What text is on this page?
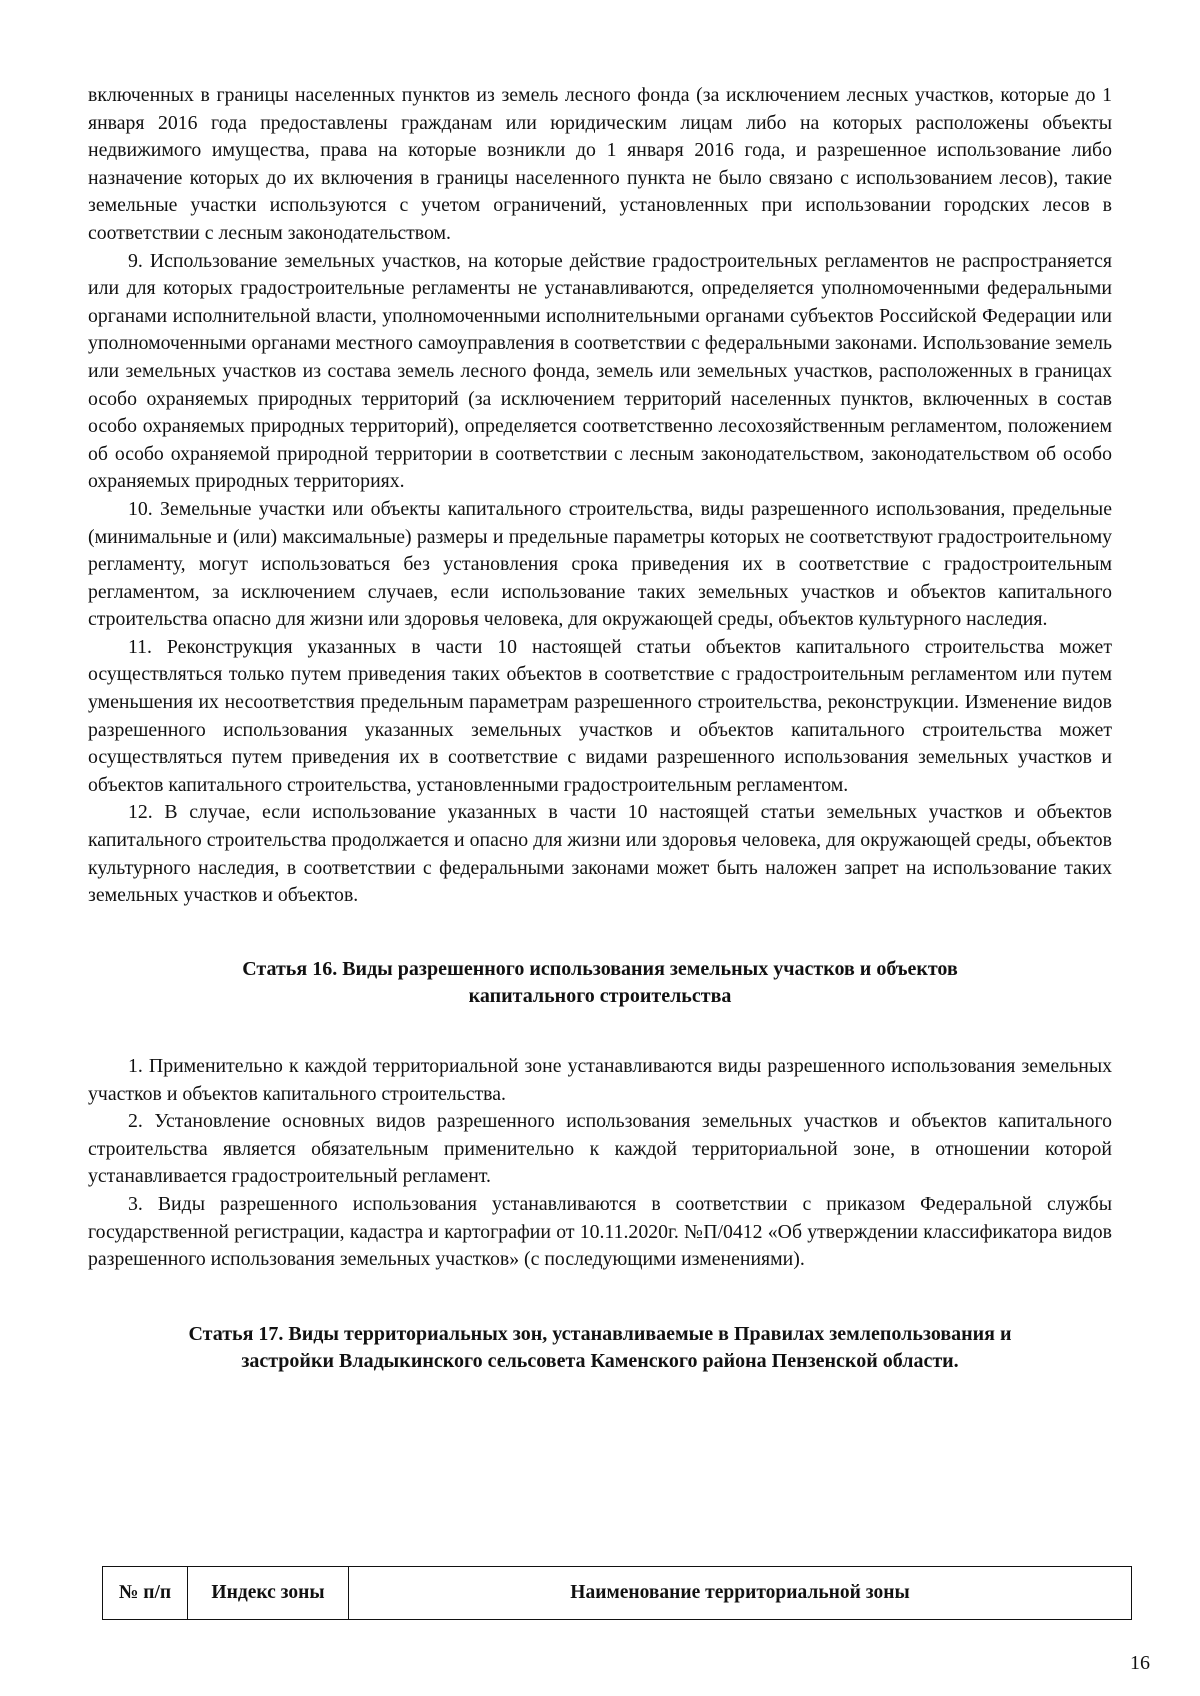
включенных в границы населенных пунктов из земель лесного фонда (за исключением лесных участков, которые до 1 января 2016 года предоставлены гражданам или юридическим лицам либо на которых расположены объекты недвижимого имущества, права на которые возникли до 1 января 2016 года, и разрешенное использование либо назначение которых до их включения в границы населенного пункта не было связано с использованием лесов), такие земельные участки используются с учетом ограничений, установленных при использовании городских лесов в соответствии с лесным законодательством.

9. Использование земельных участков, на которые действие градостроительных регламентов не распространяется или для которых градостроительные регламенты не устанавливаются, определяется уполномоченными федеральными органами исполнительной власти, уполномоченными исполнительными органами субъектов Российской Федерации или уполномоченными органами местного самоуправления в соответствии с федеральными законами. Использование земель или земельных участков из состава земель лесного фонда, земель или земельных участков, расположенных в границах особо охраняемых природных территорий (за исключением территорий населенных пунктов, включенных в состав особо охраняемых природных территорий), определяется соответственно лесохозяйственным регламентом, положением об особо охраняемой природной территории в соответствии с лесным законодательством, законодательством об особо охраняемых природных территориях.

10. Земельные участки или объекты капитального строительства, виды разрешенного использования, предельные (минимальные и (или) максимальные) размеры и предельные параметры которых не соответствуют градостроительному регламенту, могут использоваться без установления срока приведения их в соответствие с градостроительным регламентом, за исключением случаев, если использование таких земельных участков и объектов капитального строительства опасно для жизни или здоровья человека, для окружающей среды, объектов культурного наследия.

11. Реконструкция указанных в части 10 настоящей статьи объектов капитального строительства может осуществляться только путем приведения таких объектов в соответствие с градостроительным регламентом или путем уменьшения их несоответствия предельным параметрам разрешенного строительства, реконструкции. Изменение видов разрешенного использования указанных земельных участков и объектов капитального строительства может осуществляться путем приведения их в соответствие с видами разрешенного использования земельных участков и объектов капитального строительства, установленными градостроительным регламентом.

12. В случае, если использование указанных в части 10 настоящей статьи земельных участков и объектов капитального строительства продолжается и опасно для жизни или здоровья человека, для окружающей среды, объектов культурного наследия, в соответствии с федеральными законами может быть наложен запрет на использование таких земельных участков и объектов.

Статья 16. Виды разрешенного использования земельных участков и объектов
капитального строительства

1. Применительно к каждой территориальной зоне устанавливаются виды разрешенного использования земельных участков и объектов капитального строительства.

2. Установление основных видов разрешенного использования земельных участков и объектов капитального строительства является обязательным применительно к каждой территориальной зоне, в отношении которой устанавливается градостроительный регламент.

3. Виды разрешенного использования устанавливаются в соответствии с приказом Федеральной службы государственной регистрации, кадастра и картографии от 10.11.2020г. №П/0412 «Об утверждении классификатора видов разрешенного использования земельных участков» (с последующими изменениями).

Статья 17. Виды территориальных зон, устанавливаемые в Правилах землепользования и
застройки Владыкинского сельсовета Каменского района Пензенской области.
№ п/п	Индекс зоны	Наименование территориальной зоны
16
